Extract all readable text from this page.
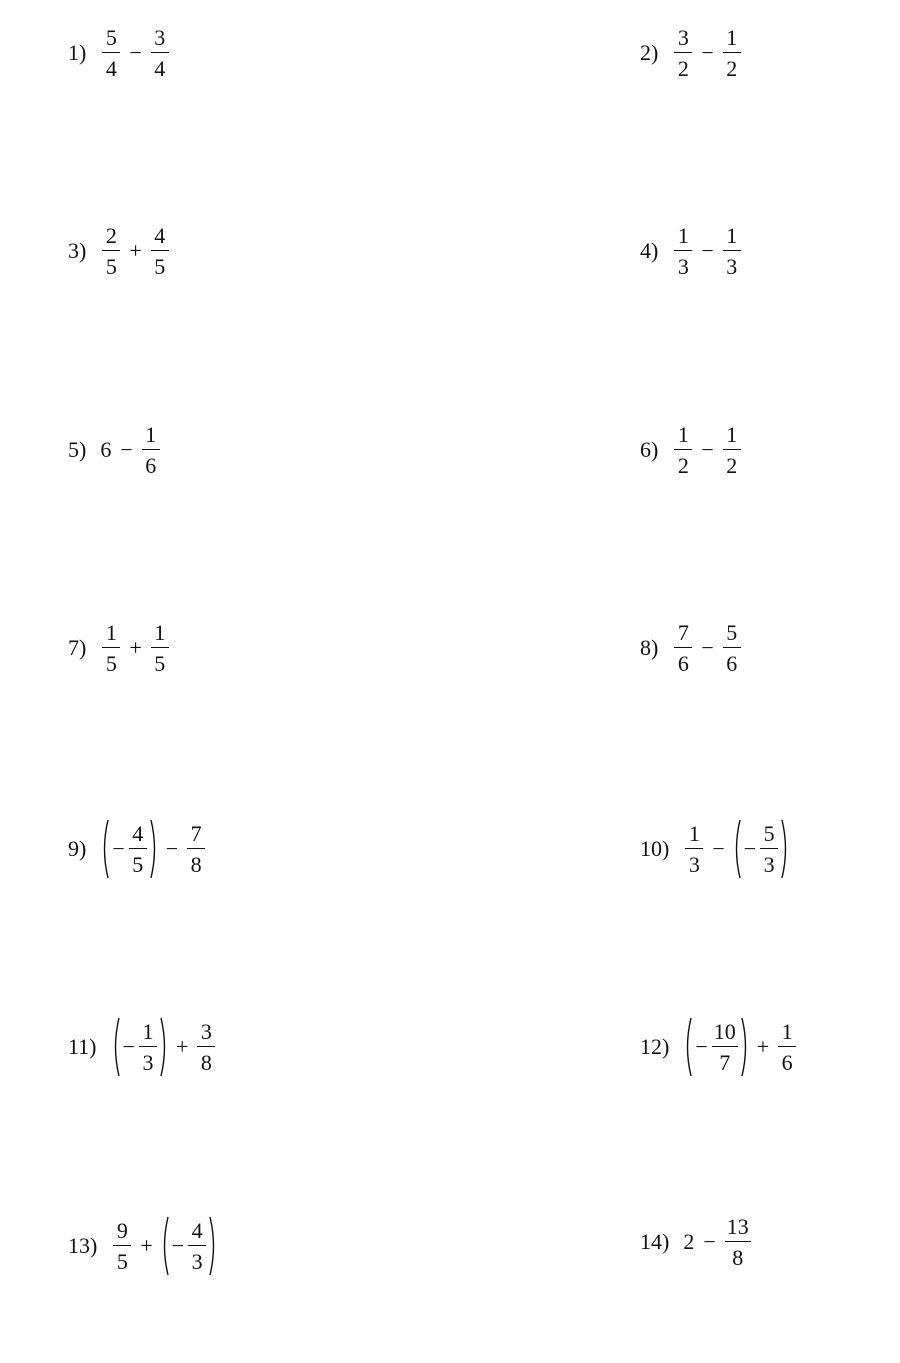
$1) \frac{5}{4} - \frac{3}{4}$	$2) \frac{3}{2} - \frac{1}{2}$
$3) \frac{2}{5} + \frac{4}{5}$	$4) \frac{1}{3} - \frac{1}{3}$
5) $6 - \frac{1}{6}$	$6) \frac{1}{2} - \frac{1}{2}$
$7) \frac{1}{5} + \frac{1}{5}$	$8) \frac{7}{6} - \frac{5}{6}$
$9) - \frac{4}{5} - \frac{7}{8}$	$10) \frac{1}{3}$ − − $\frac{5}{3}$
$11) - \frac{1}{3} + \frac{3}{8}$	$12) - \frac{10}{7} + \frac{1}{6}$
$13) \frac{9}{5}$ + − $\frac{4}{3}$	14) $2 - \frac{13}{8}$
